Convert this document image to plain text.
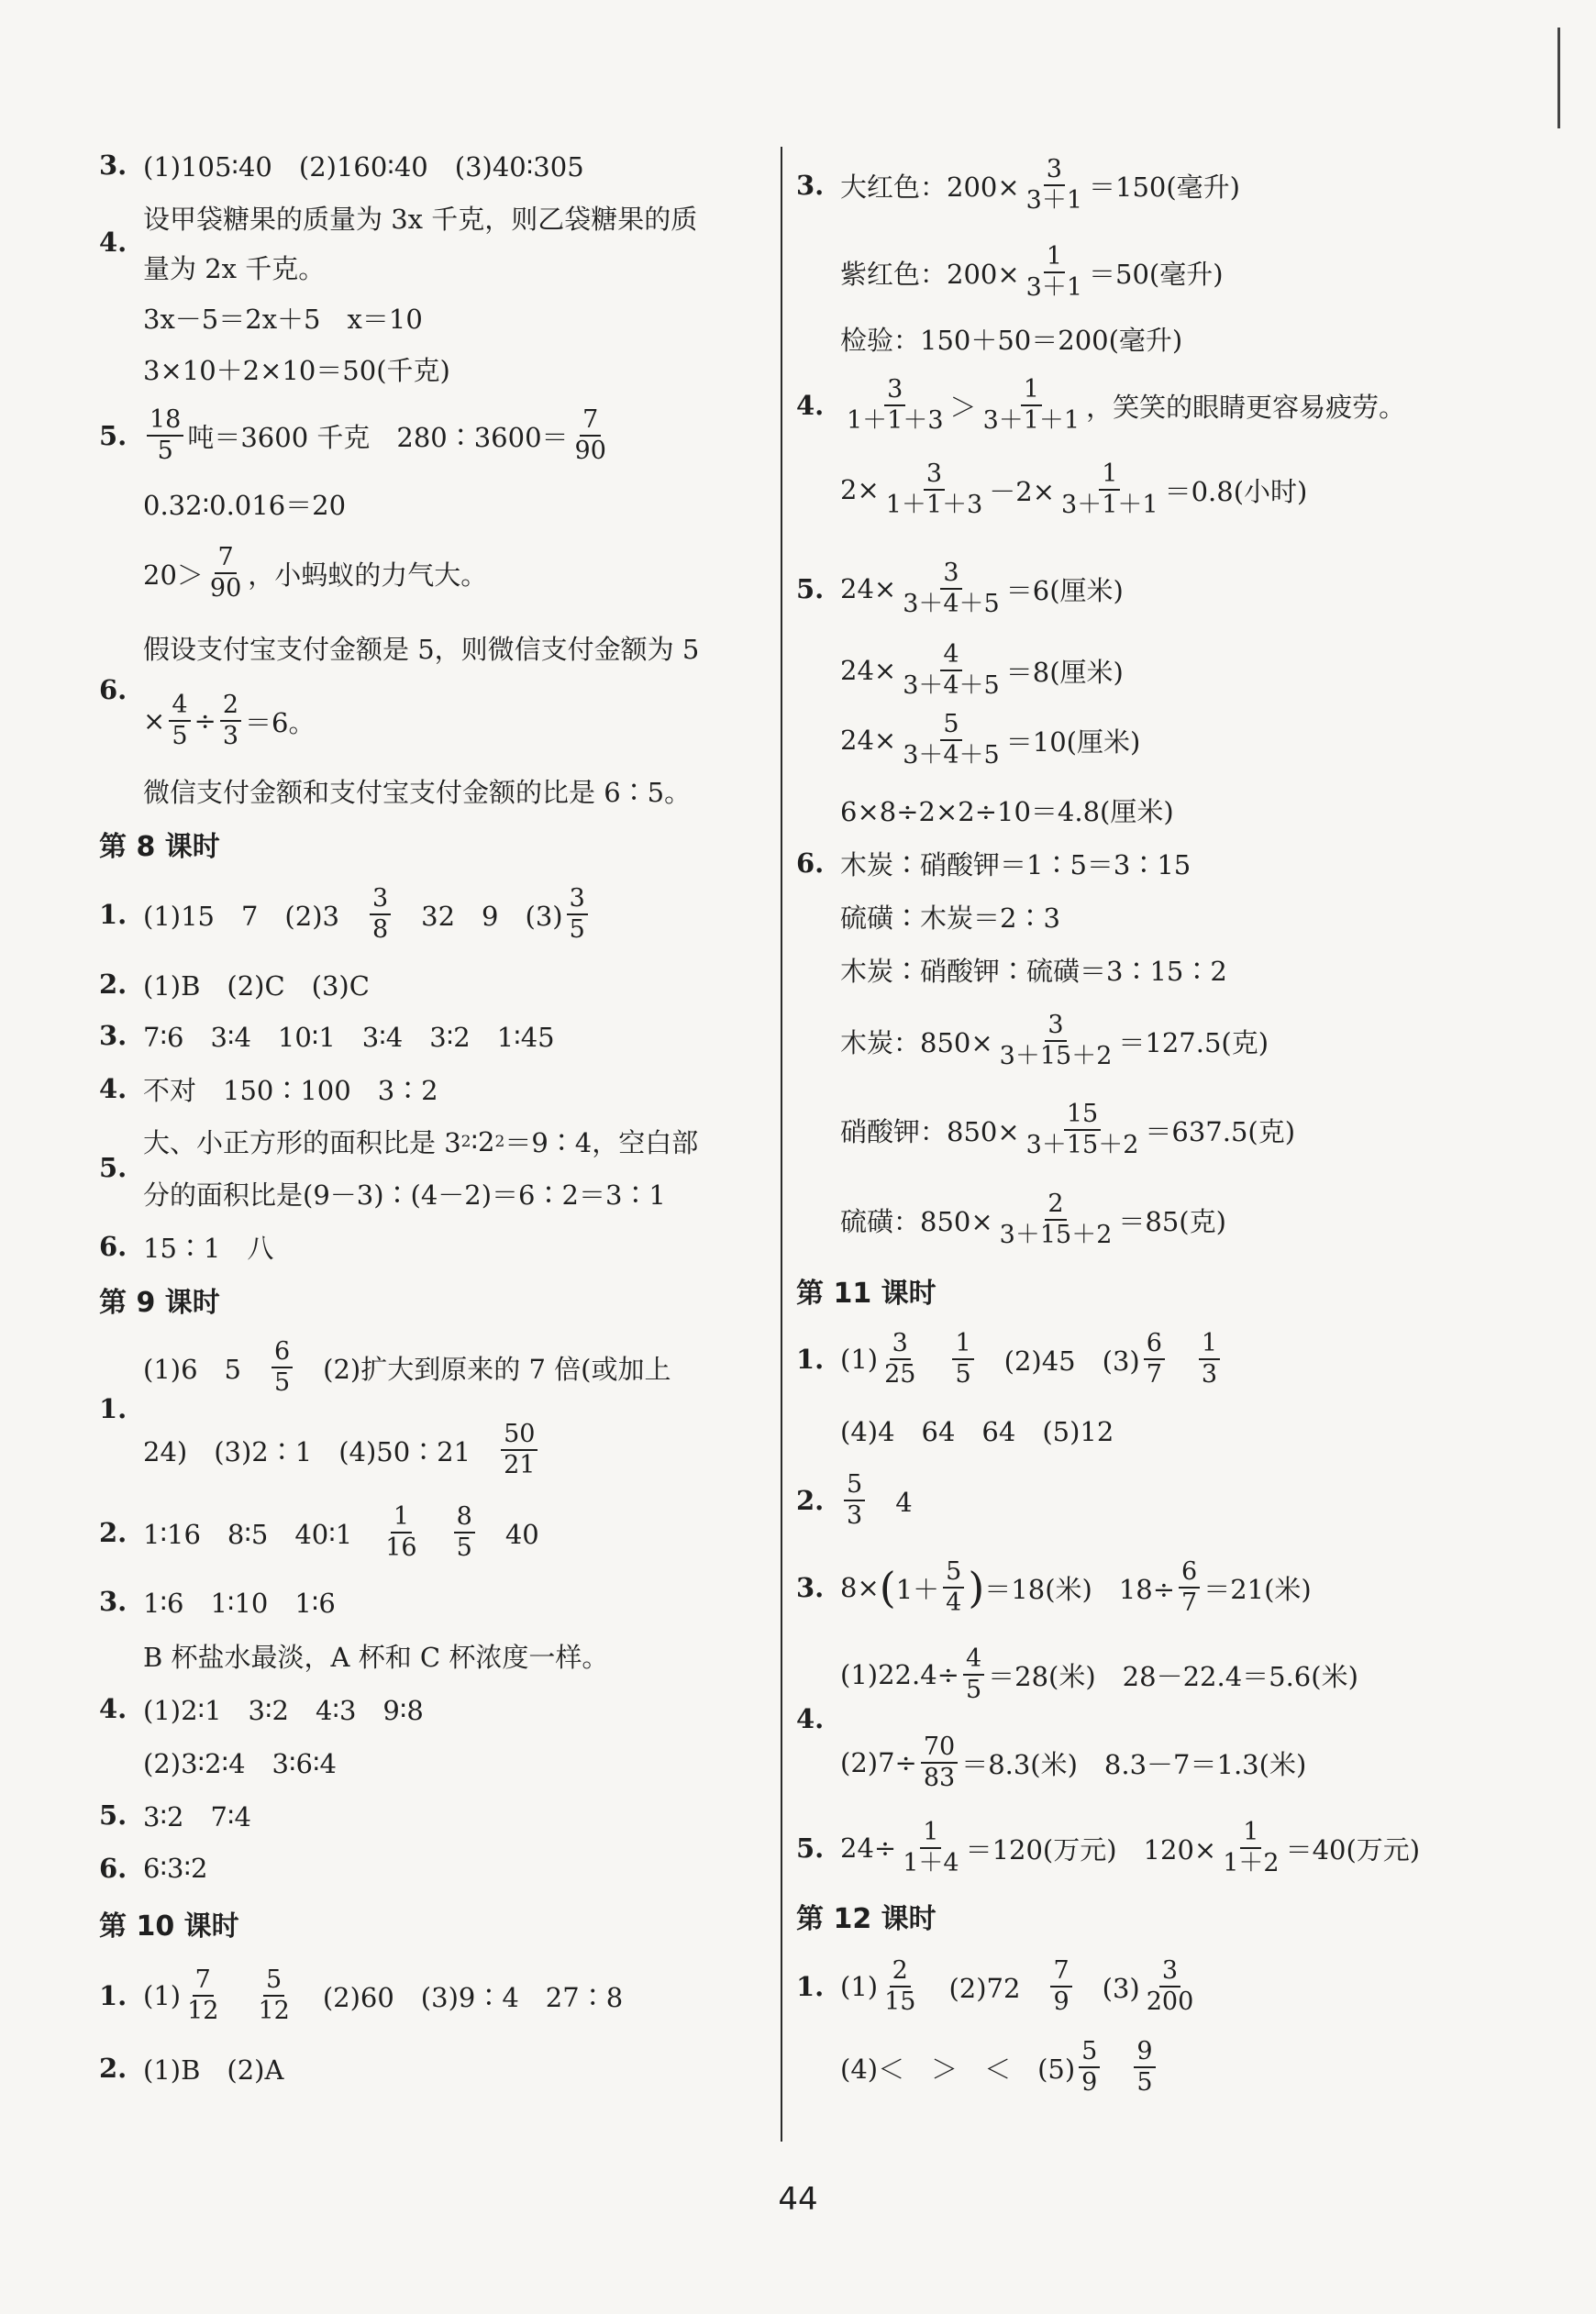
3. (1)105∶40　(2)160∶40　(3)40∶305
4.
设甲袋糖果的质量为 3x 千克，则乙袋糖果的质
量为 2x 千克。
3x－5＝2x＋5　x＝10
3×10＋2×10＝50(千克)
5. $\frac{18}{5}$ 吨＝3600 千克　280∶3600＝ $\frac{7}{90}$
0.32∶0.016＝20
$20> \frac{7}{90}$ ，小蚂蚁的力气大。
6.
假设支付宝支付金额是 5，则微信支付金额为 5
× $\frac{4}{5} \div \frac{2}{3} =6$。
微信支付金额和支付宝支付金额的比是 6∶5。
第 8 课时
1. (1)15　7　(2)3　 $\frac{3}{8}$ 　32　9　$(3) \frac{3}{5}$
2. (1)B　(2)C　(3)C
3. 7∶6　3∶4　10∶1　3∶4　3∶2　1∶45
4. 不对　150∶100　3∶2
5.
大、小正方形的面积比是 3 2 ∶2 2 ＝9∶4，空白部
分的面积比是(9－3)∶(4－2)＝6∶2＝3∶1
6. 15∶1　八
第 9 课时
1.
(1)6　5　 $\frac{6}{5}$ 　(2)扩大到原来的 7 倍(或加上
24)　(3)2∶1　(4)50∶21　 $\frac{50}{21}$
2. 1∶16　8∶5　40∶1　 $\frac{1}{16}$
　 $\frac{8}{5}$ 　40
3. 1∶6　1∶10　1∶6
B 杯盐水最淡，A 杯和 C 杯浓度一样。
4. (1)2∶1　3∶2　4∶3　9∶8
(2)3∶2∶4　3∶6∶4
5. 3∶2　7∶4
6. 6∶3∶2
第 10 课时
1. $(1) \frac{7}{12}$
　 $\frac{5}{12}$ 　(2)60　(3)9∶4　27∶8
2. (1)B　(2)A
3. 大红色：$200\times \frac{3}{3+1} =150$(毫升)
紫红色：$200\times \frac{1}{3+1} =50$(毫升)
检验：150＋50＝200(毫升)
4. $\frac{3}{1+1+3} > \frac{1}{3+1+1}$ ，笑笑的眼睛更容易疲劳。
$2\times \frac{3}{1+1+3} -2\times \frac{1}{3+1+1} =0.8$(小时)
5. $24\times \frac{3}{3+4+5} =6$(厘米)
$24\times \frac{4}{3+4+5} =8$(厘米)
$24\times \frac{5}{3+4+5} =10$(厘米)
6×8÷2×2÷10＝4.8(厘米)
6. 木炭∶硝酸钾＝1∶5＝3∶15
硫磺∶木炭＝2∶3
木炭∶硝酸钾∶硫磺＝3∶15∶2
木炭：$850\times \frac{3}{3+15+2} =127.5$(克)
硝酸钾：$850\times \frac{15}{3+15+2} =637.5$(克)
硫磺：$850\times \frac{2}{3+15+2} =85$(克)
第 11 课时
1. $(1) \frac{3}{25}$
　 $\frac{1}{5}$ 　(2)45　$(3) \frac{6}{7}$
　 $\frac{1}{3}$
(4)4　64　64　(5)12
2. $\frac{5}{3}$ 　4
3. 8× ( $1+ \frac{5}{4}$ ) ＝18(米)　$18\div \frac{6}{7} =21$(米)
4.
$(1)22.4\div \frac{4}{5} =28$(米)　28－22.4＝5.6(米)
$(2)7\div \frac{70}{83} =8.3$(米)　8.3－7＝1.3(米)
5. $24\div \frac{1}{1+4} =120$(万元)　$120\times \frac{1}{1+2} =40$(万元)
第 12 课时
1. $(1) \frac{2}{15}$ 　(2)72　 $\frac{7}{9}$ 　$(3) \frac{3}{200}$
(4)＜　＞　＜　$(5) \frac{5}{9}$
　 $\frac{9}{5}$
44
